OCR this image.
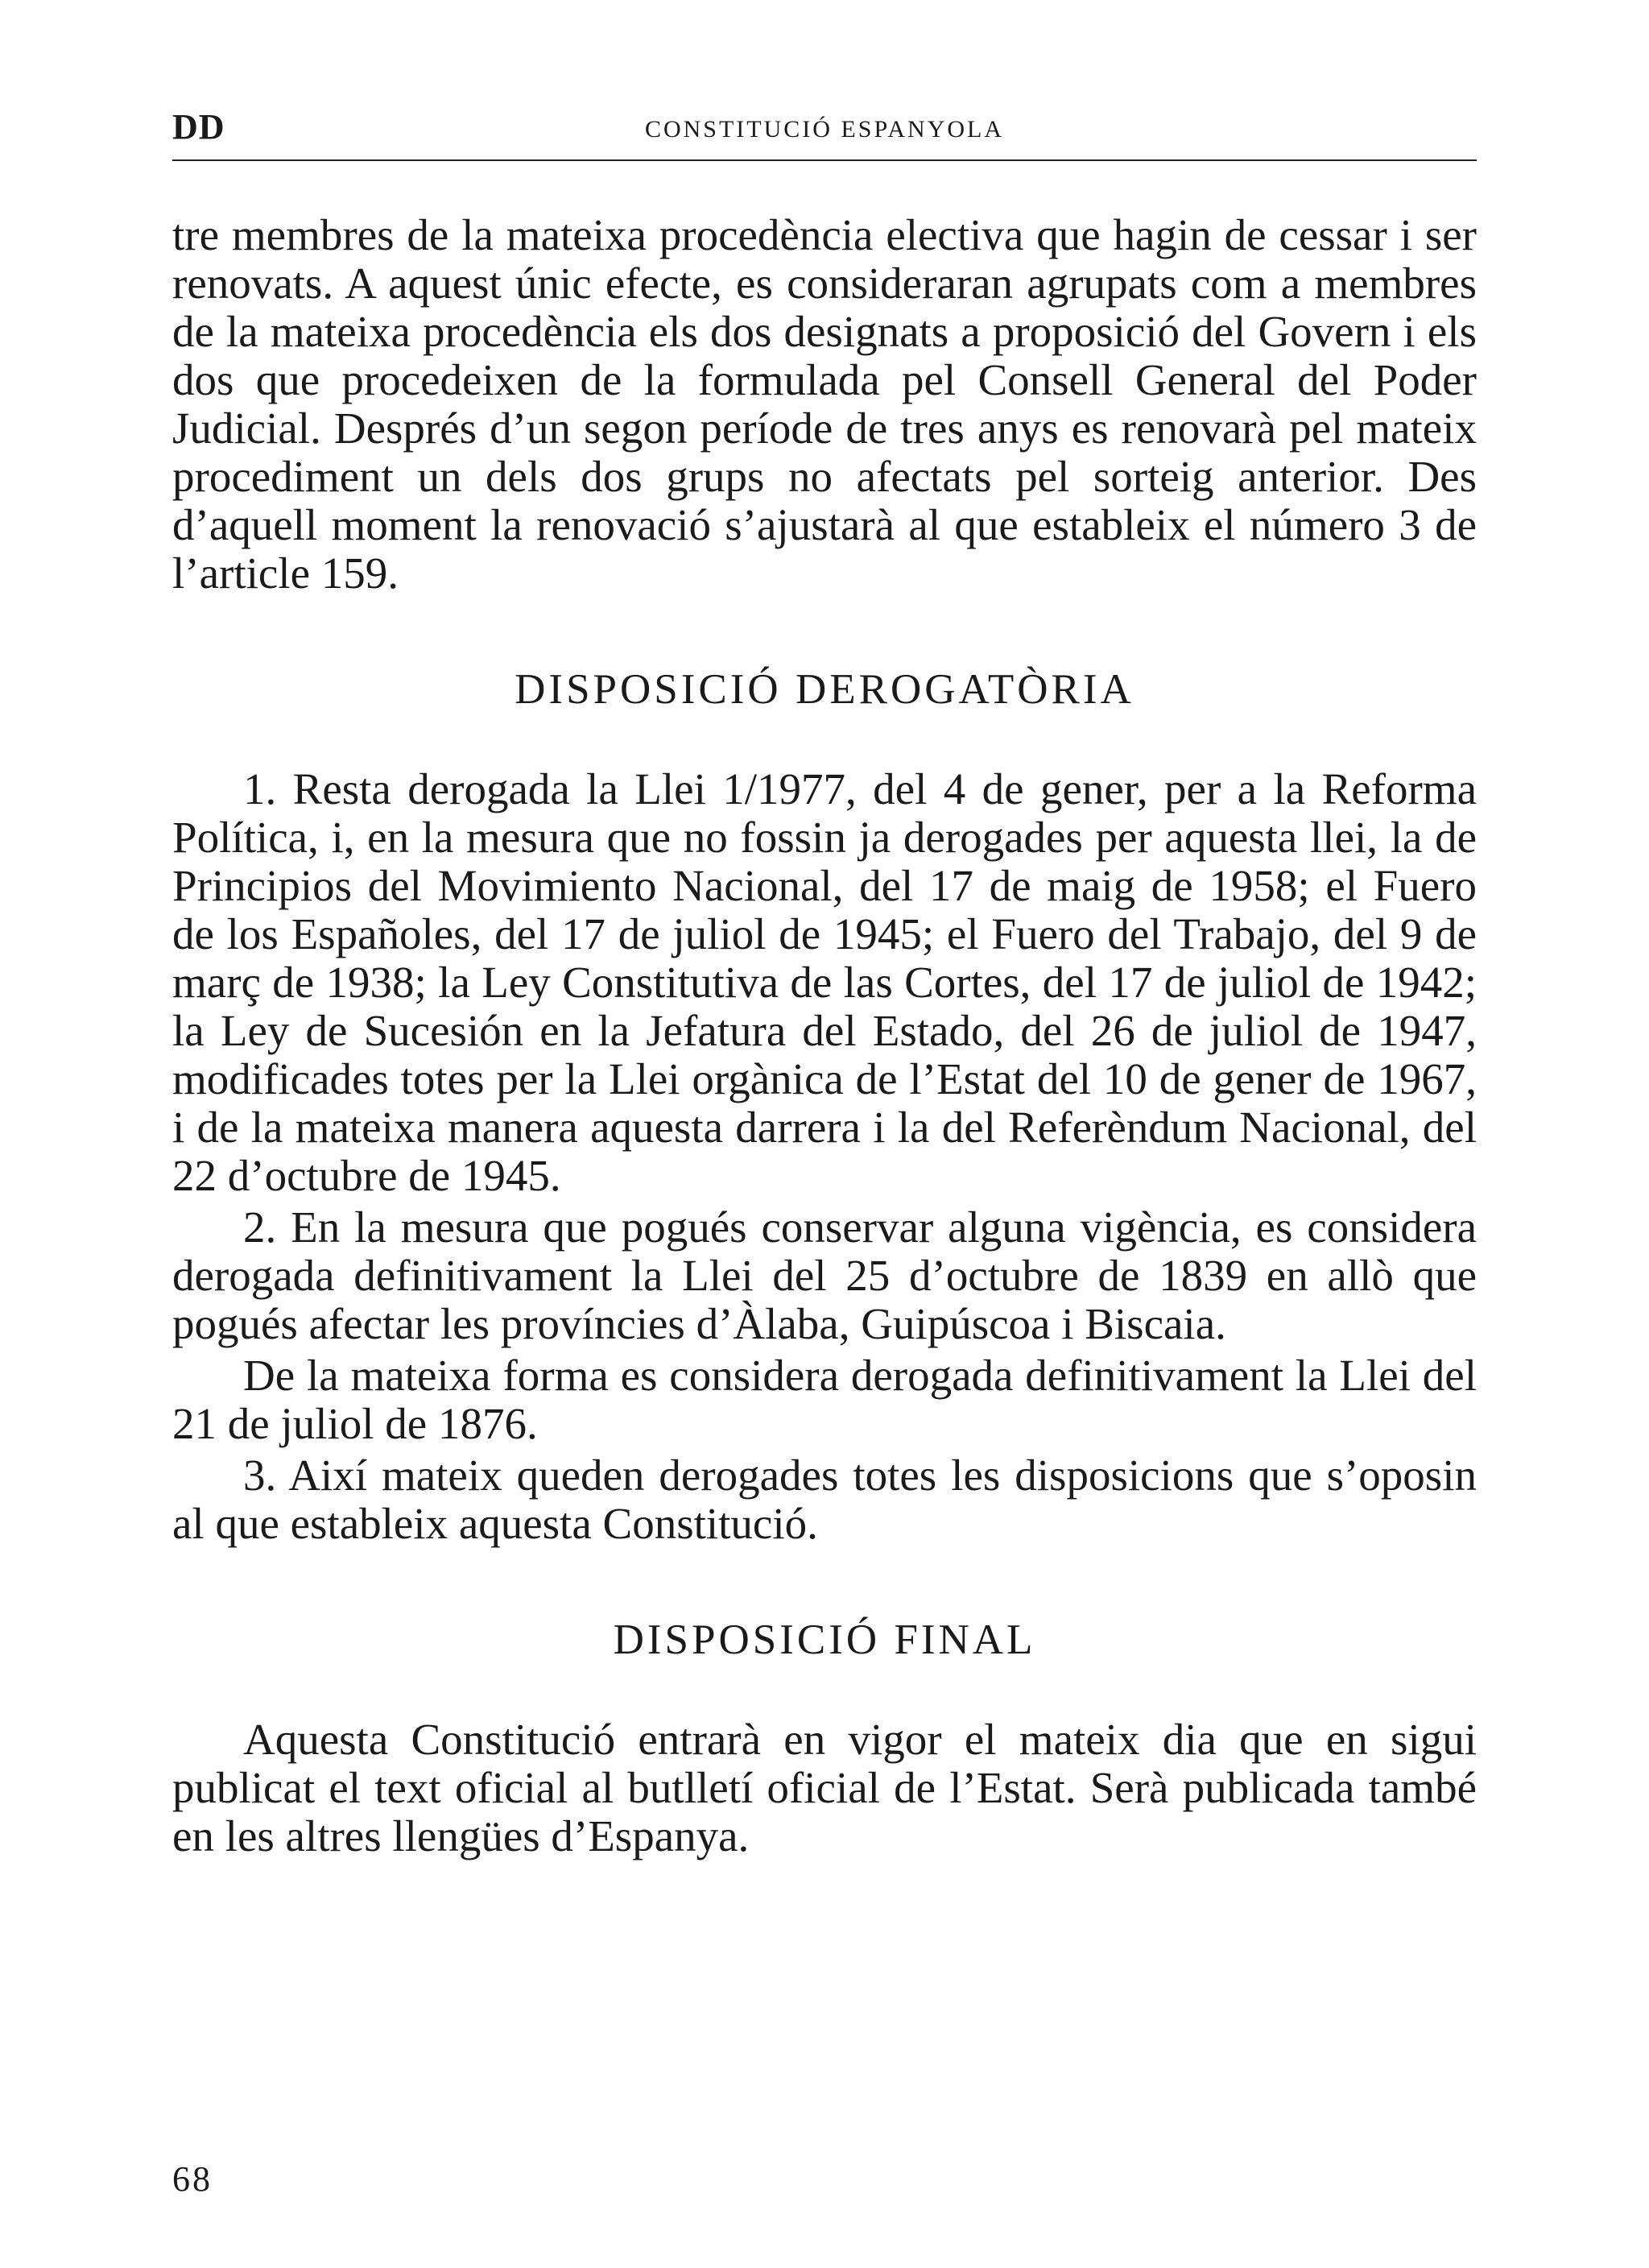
DD	CONSTITUCIÓ ESPANYOLA

tre membres de la mateixa procedència electiva que hagin de cessar i ser renovats. A aquest únic efecte, es consideraran agrupats com a membres de la mateixa procedència els dos designats a proposició del Govern i els dos que procedeixen de la formulada pel Consell General del Poder Judicial. Després d’un segon període de tres anys es renovarà pel mateix procediment un dels dos grups no afectats pel sorteig anterior. Des d’aquell moment la renovació s’ajustarà al que estableix el número 3 de l’article 159.

DISPOSICIÓ DEROGATÒRIA

1. Resta derogada la Llei 1/1977, del 4 de gener, per a la Reforma Política, i, en la mesura que no fossin ja derogades per aquesta llei, la de Principios del Movimiento Nacional, del 17 de maig de 1958; el Fuero de los Españoles, del 17 de juliol de 1945; el Fuero del Trabajo, del 9 de març de 1938; la Ley Constitutiva de las Cortes, del 17 de juliol de 1942; la Ley de Sucesión en la Jefatura del Estado, del 26 de juliol de 1947, modificades totes per la Llei orgànica de l’Estat del 10 de gener de 1967, i de la mateixa manera aquesta darrera i la del Referèndum Nacional, del 22 d’octubre de 1945.

2. En la mesura que pogués conservar alguna vigència, es considera derogada definitivament la Llei del 25 d’octubre de 1839 en allò que pogués afectar les províncies d’Àlaba, Guipúscoa i Biscaia.

De la mateixa forma es considera derogada definitivament la Llei del 21 de juliol de 1876.

3. Així mateix queden derogades totes les disposicions que s’oposin al que estableix aquesta Constitució.

DISPOSICIÓ FINAL

Aquesta Constitució entrarà en vigor el mateix dia que en sigui publicat el text oficial al butlletí oficial de l’Estat. Serà publicada també en les altres llengües d’Espanya.

68
